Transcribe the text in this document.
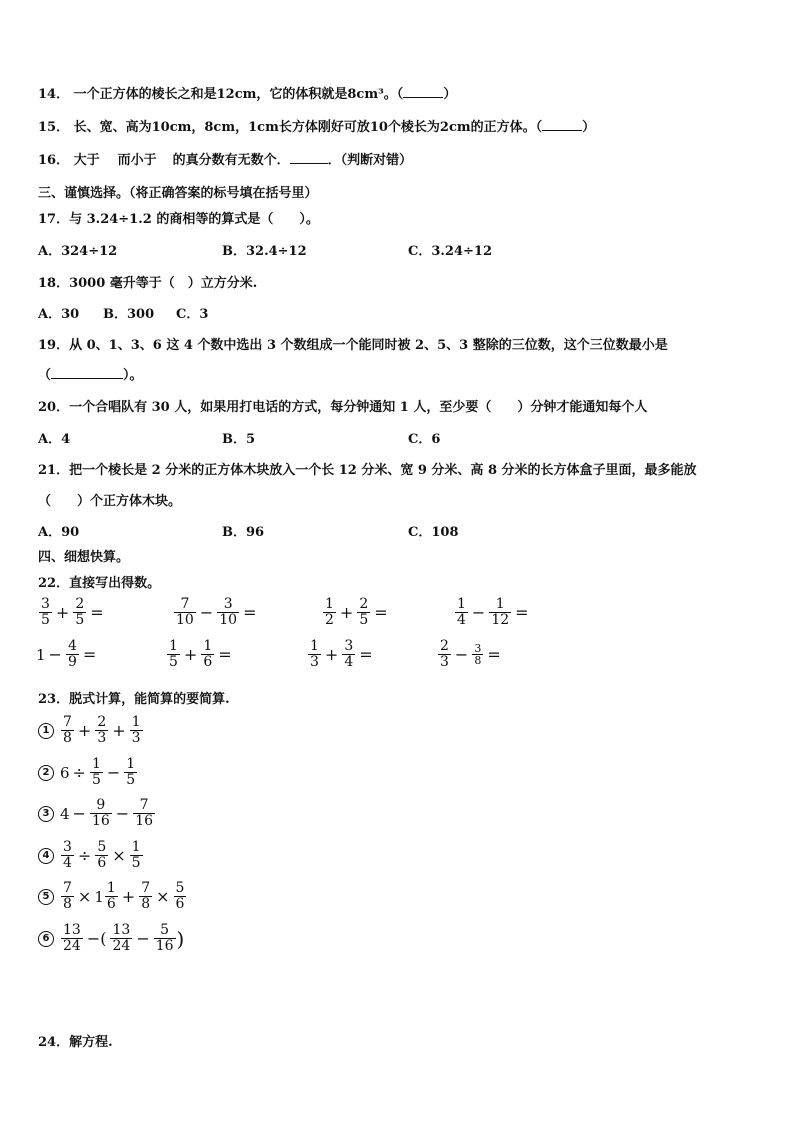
14． 一个正方体的棱长之和是12cm，它的体积就是8cm³。（	）
15． 长、宽、高为10cm，8cm，1cm长方体刚好可放10个棱长为2cm的正方体。（	）
16． 大于 而小于 的真分数有无数个．	．（判断对错）
三、谨慎选择。（将正确答案的标号填在括号里）
17．与 3.24÷1.2 的商相等的算式是（　　）。
A．324÷12	B．32.4÷12	C．3.24÷12
18．3000 毫升等于（　）立方分米.
A．30 B．300 C．3
19．从 0、1、3、6 这 4 个数中选出 3 个数组成一个能同时被 2、5、3 整除的三位数，这个三位数最小是
（	）。
20．一个合唱队有 30 人，如果用打电话的方式，每分钟通知 1 人，至少要（　　）分钟才能通知每个人
A．4	B．5	C．6
21．把一个棱长是 2 分米的正方体木块放入一个长 12 分米、宽 9 分米、高 8 分米的长方体盒子里面，最多能放
（　　）个正方体木块。
A．90	B．96	C．108
四、细想快算。
22．直接写出得数。
$\frac{3}{5} + \frac{2}{5}$ =	$\frac{7}{10} - \frac{3}{10}$ =	$\frac{1}{2} + \frac{2}{5}$ =	$\frac{1}{4} - \frac{1}{12}$ =
$1 - \frac{4}{9}$ =	$\frac{1}{5} + \frac{1}{6}$ =	$\frac{1}{3} + \frac{3}{4}$ =	$\frac{2}{3} - \frac{3}{8}$ =
23．脱式计算，能简算的要简算.
$1 \frac{7}{8} + \frac{2}{3} + \frac{1}{3}$
2 $6 \div \frac{1}{5} - \frac{1}{5}$
3 $4 - \frac{9}{16} - \frac{7}{16}$
$4 \frac{3}{4} \div \frac{5}{6} \times \frac{1}{5}$
$5 \frac{7}{8} \times 1 \frac{1}{6} + \frac{7}{8} \times \frac{5}{6}$
$6 \frac{13}{24}$ −( $\frac{13}{24} - \frac{5}{16}$ )
24．解方程.
